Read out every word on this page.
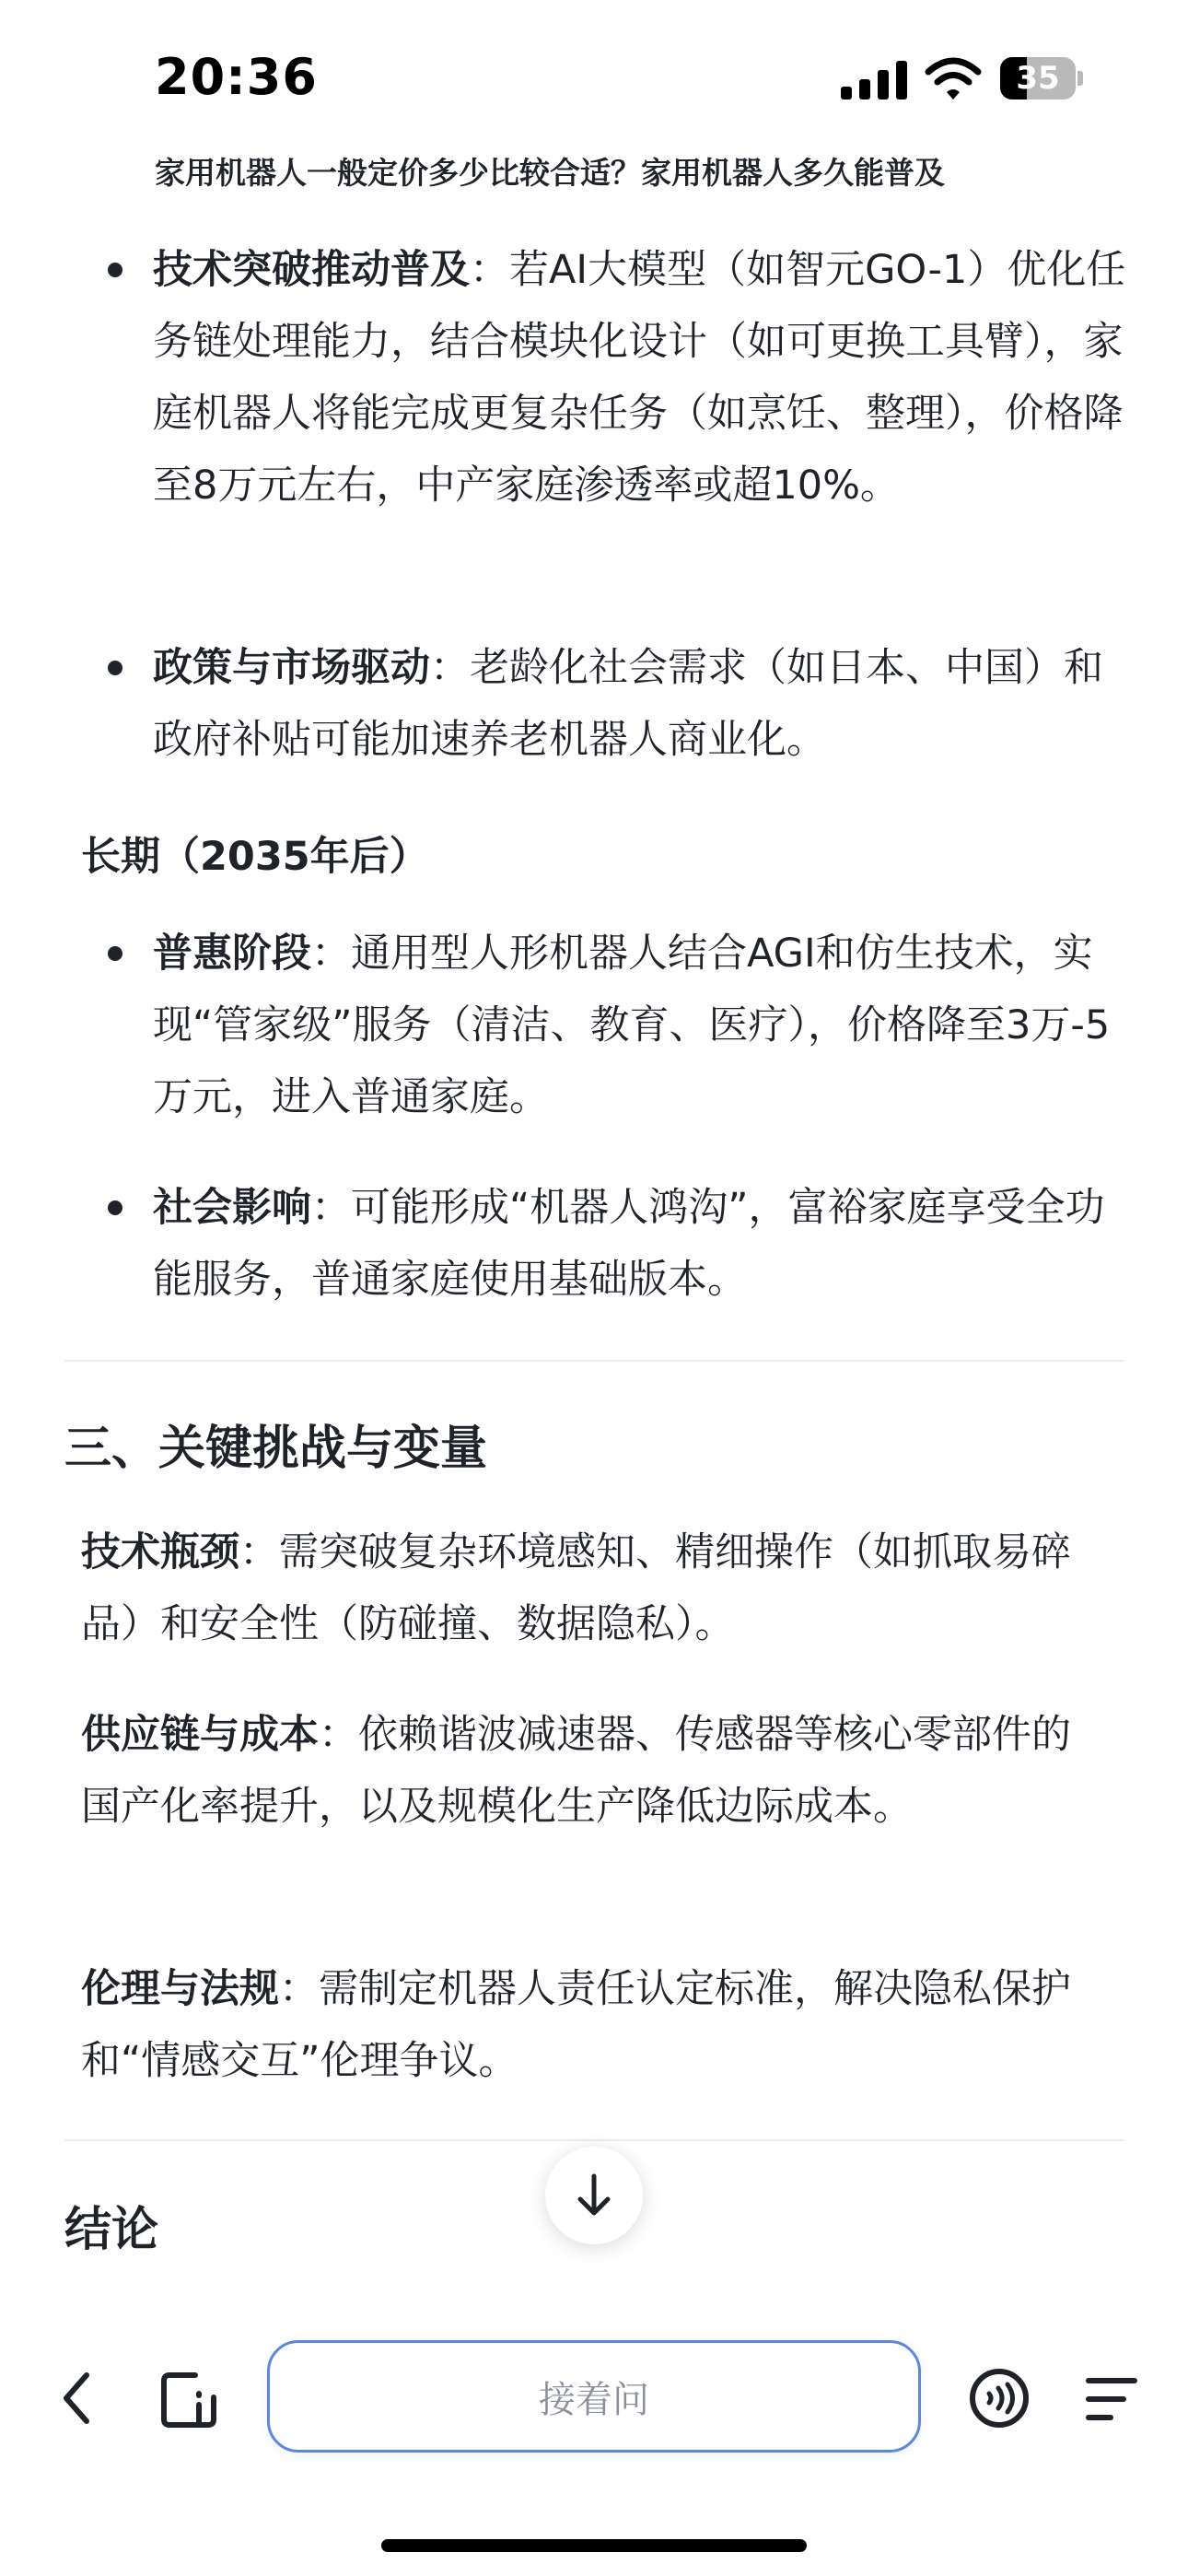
20:36	35
家用机器人一般定价多少比较合适？家用机器人多久能普及
技术突破推动普及：若AI大模型（如智元GO-1）优化任务链处理能力，结合模块化设计（如可更换工具臂），家庭机器人将能完成更复杂任务（如烹饪、整理），价格降至8万元左右，中产家庭渗透率或超10%。
政策与市场驱动：老龄化社会需求（如日本、中国）和政府补贴可能加速养老机器人商业化。
长期（2035年后）
普惠阶段：通用型人形机器人结合AGI和仿生技术，实现“管家级”服务（清洁、教育、医疗），价格降至3万-5万元，进入普通家庭。
社会影响：可能形成“机器人鸿沟”，富裕家庭享受全功能服务，普通家庭使用基础版本。
三、关键挑战与变量
技术瓶颈：需突破复杂环境感知、精细操作（如抓取易碎品）和安全性（防碰撞、数据隐私）。
供应链与成本：依赖谐波减速器、传感器等核心零部件的国产化率提升，以及规模化生产降低边际成本。
伦理与法规：需制定机器人责任认定标准，解决隐私保护和“情感交互”伦理争议。
结论
接着问
